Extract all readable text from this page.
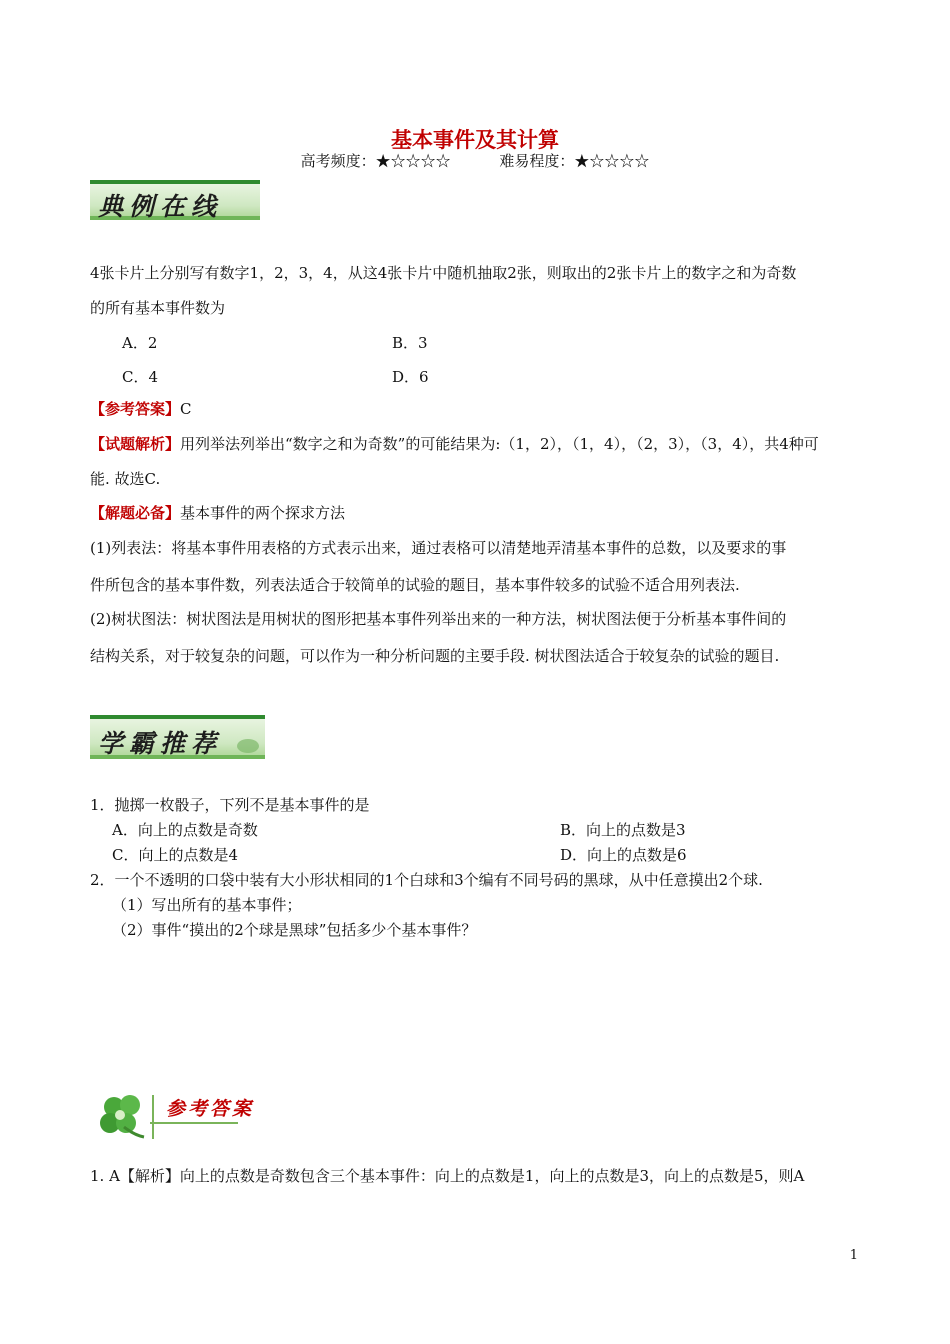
基本事件及其计算
高考频度：★☆☆☆☆	难易程度：★☆☆☆☆
典例在线
4张卡片上分别写有数字1，2，3，4，从这4张卡片中随机抽取2张，则取出的2张卡片上的数字之和为奇数
的所有基本事件数为
A．2	B．3
C．4	D．6
【参考答案】C
【试题解析】用列举法列举出“数字之和为奇数”的可能结果为:（1，2），（1，4），（2，3），（3，4），共4种可
能. 故选C.
【解题必备】基本事件的两个探求方法
(1)列表法：将基本事件用表格的方式表示出来，通过表格可以清楚地弄清基本事件的总数，以及要求的事
件所包含的基本事件数，列表法适合于较简单的试验的题目，基本事件较多的试验不适合用列表法.
(2)树状图法：树状图法是用树状的图形把基本事件列举出来的一种方法，树状图法便于分析基本事件间的
结构关系，对于较复杂的问题，可以作为一种分析问题的主要手段. 树状图法适合于较复杂的试验的题目.
学霸推荐
1．抛掷一枚骰子，下列不是基本事件的是
A．向上的点数是奇数	B．向上的点数是3
C．向上的点数是4	D．向上的点数是6
2．一个不透明的口袋中装有大小形状相同的1个白球和3个编有不同号码的黑球，从中任意摸出2个球.
（1）写出所有的基本事件；
（2）事件“摸出的2个球是黑球”包括多少个基本事件？
参考答案
1. A【解析】向上的点数是奇数包含三个基本事件：向上的点数是1，向上的点数是3，向上的点数是5，则A
1
